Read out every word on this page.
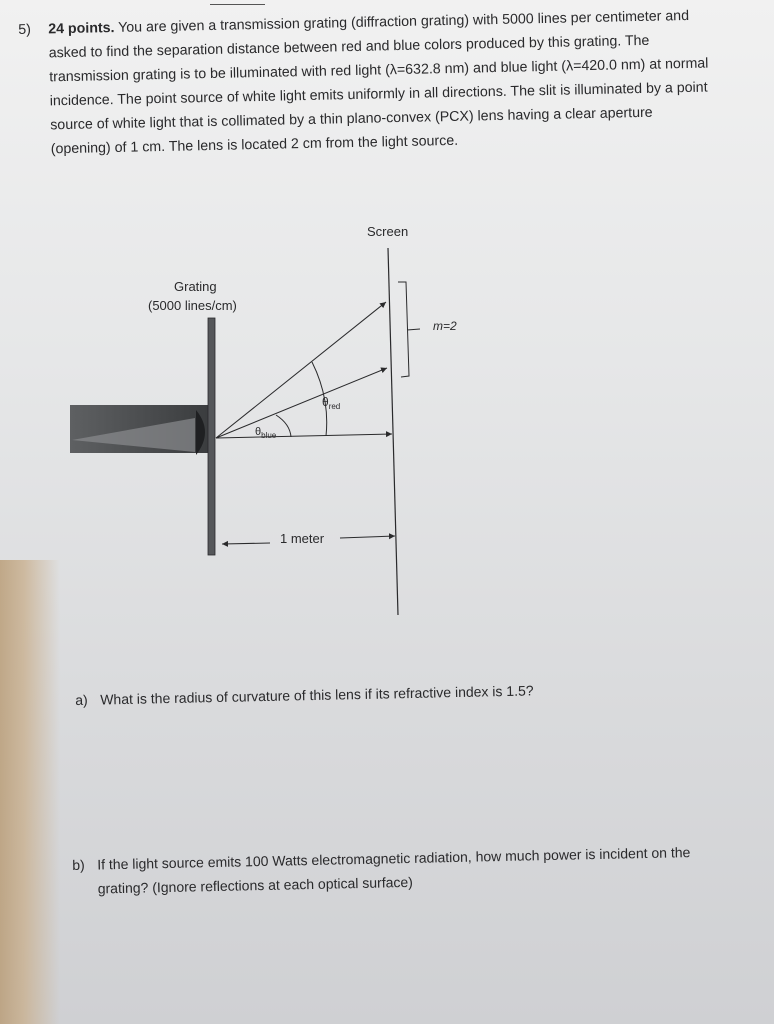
5) 24 points. You are given a transmission grating (diffraction grating) with 5000 lines per centimeter and asked to find the separation distance between red and blue colors produced by this grating. The transmission grating is to be illuminated with red light (λ=632.8 nm) and blue light (λ=420.0 nm) at normal incidence. The point source of white light emits uniformly in all directions. The slit is illuminated by a point source of white light that is collimated by a thin plano-convex (PCX) lens having a clear aperture (opening) of 1 cm. The lens is located 2 cm from the light source.
Screen
Grating
(5000 lines/cm)
m=2
$\theta_{red}$
$\theta_{blue}$
1 meter
a) What is the radius of curvature of this lens if its refractive index is 1.5?
b) If the light source emits 100 Watts electromagnetic radiation, how much power is incident on the grating? (Ignore reflections at each optical surface)
